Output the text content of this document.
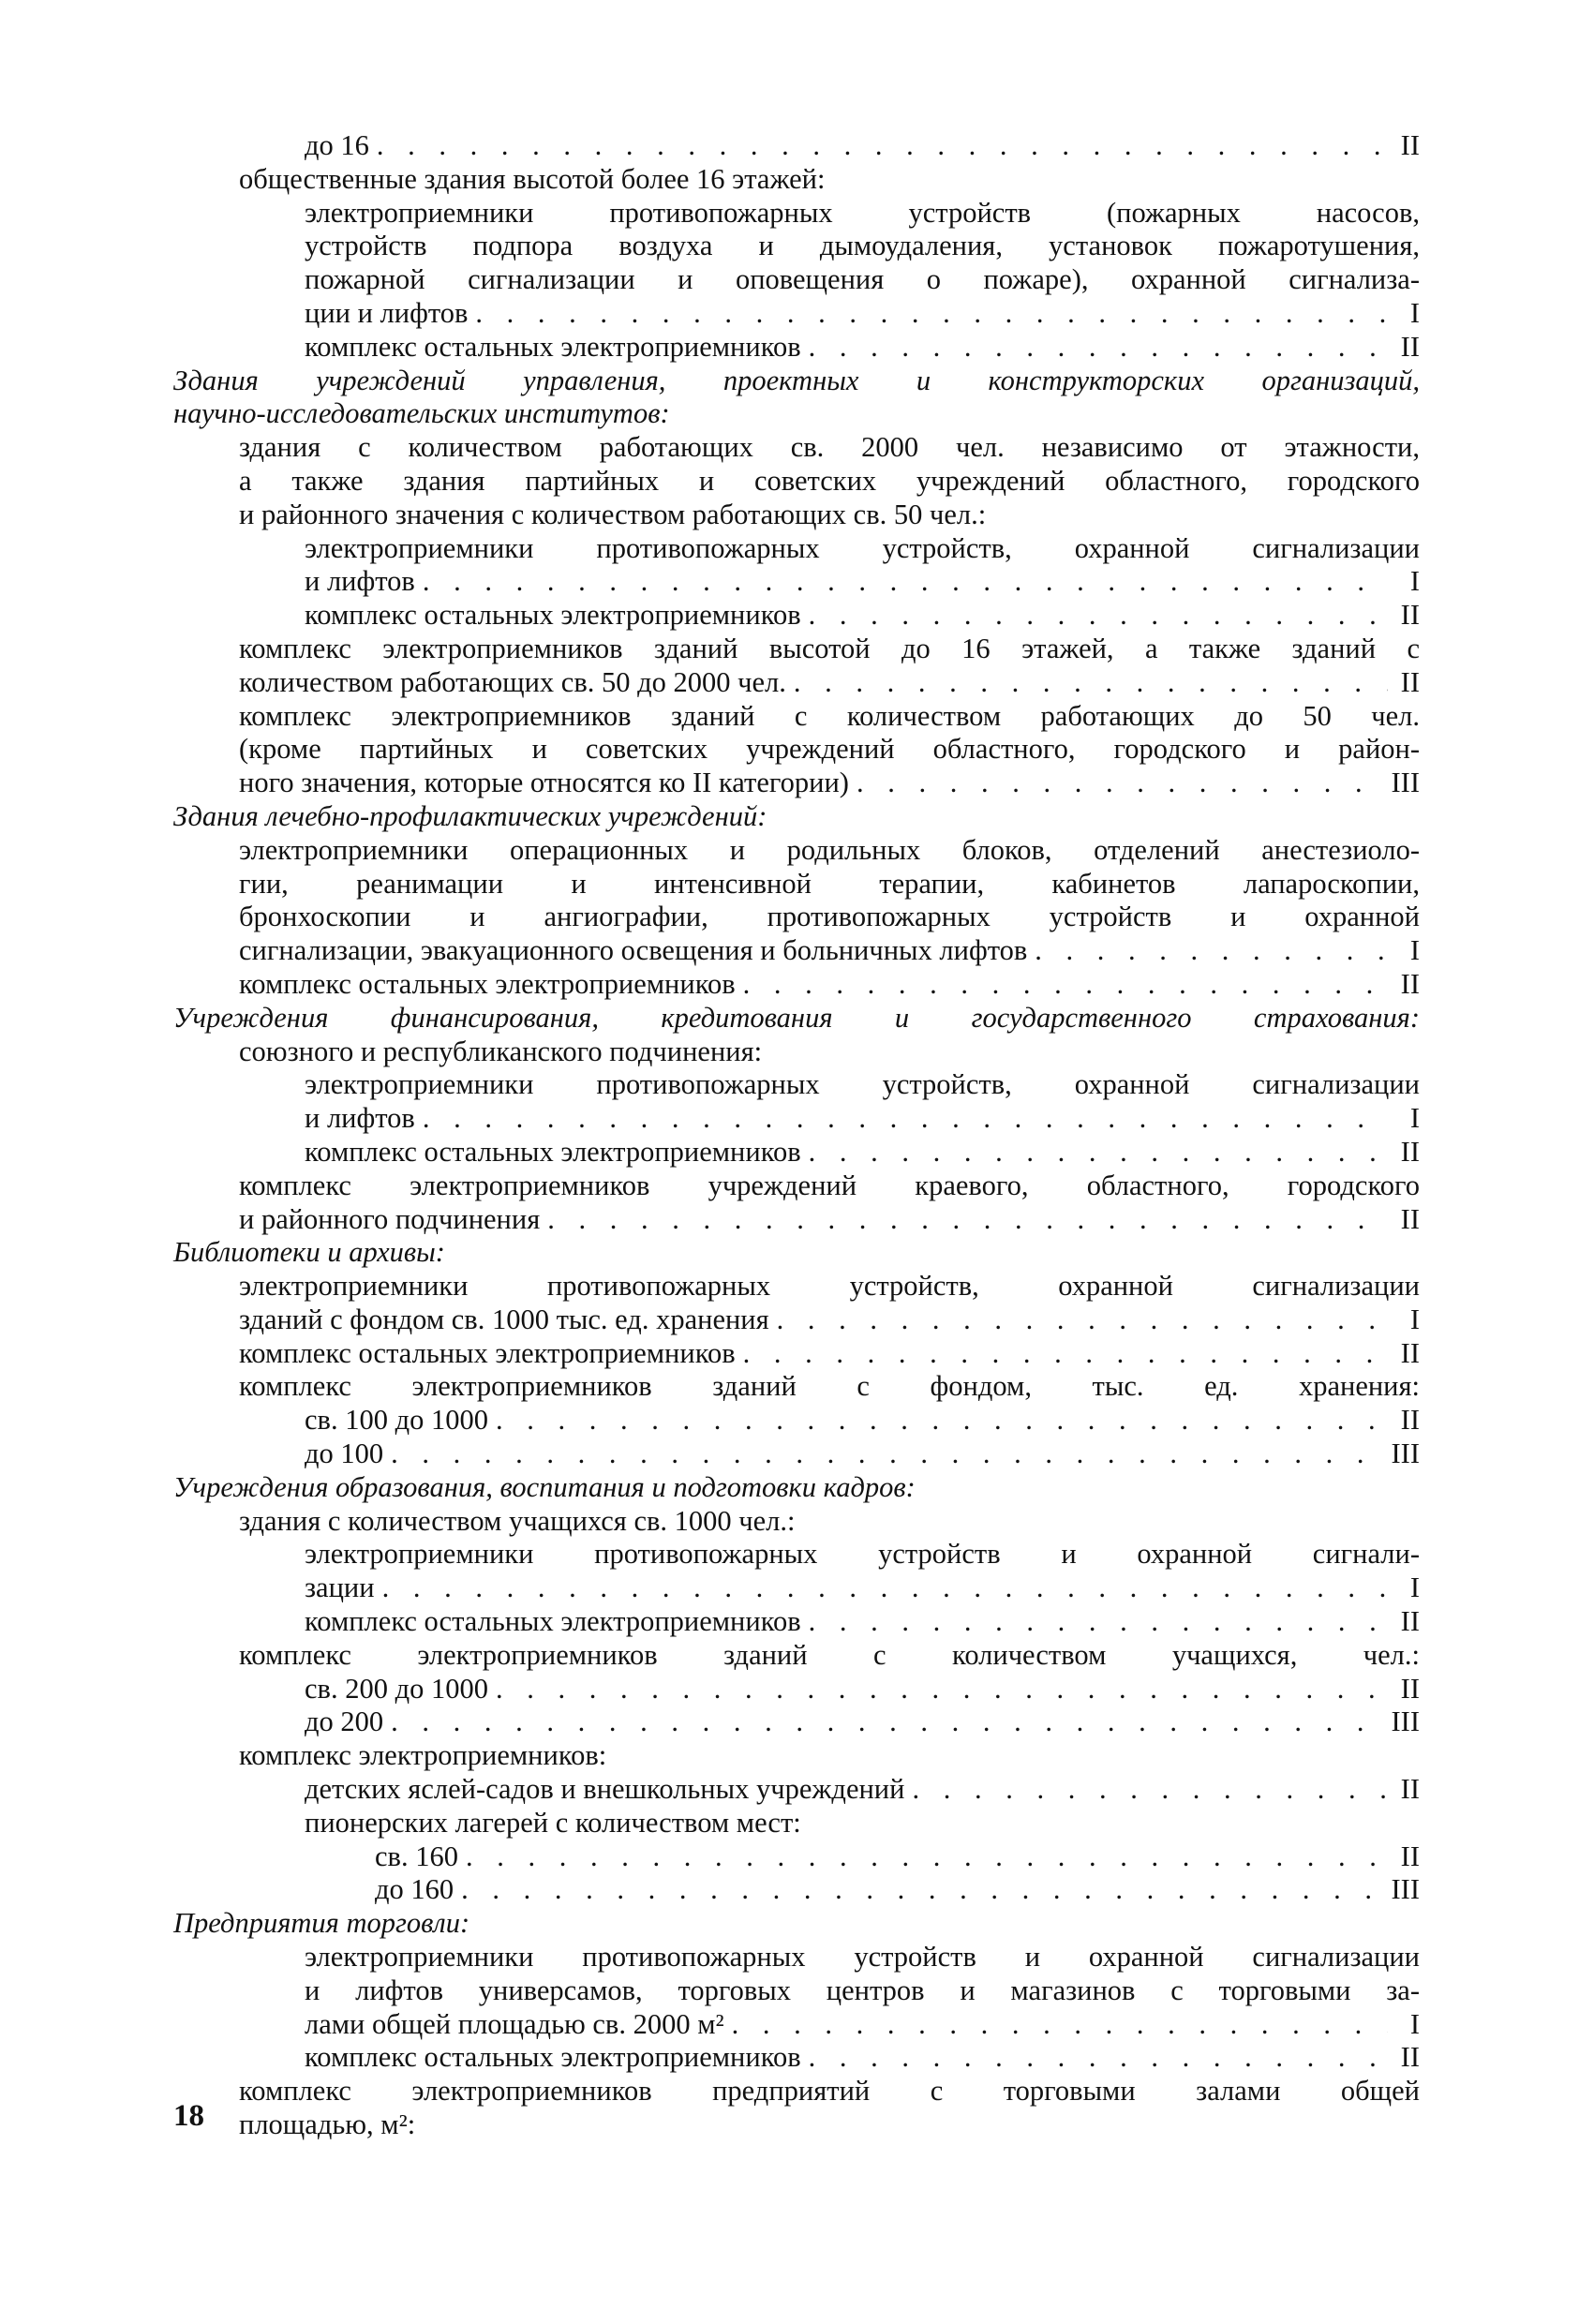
до 16 . . .	II
общественные здания высотой более 16 этажей:
электроприемники противопожарных устройств (пожарных насосов,
устройств подпора воздуха и дымоудаления, установок пожаротушения,
пожарной сигнализации и оповещения о пожаре), охранной сигнализа-
ции и лифтов . . .	I
комплекс остальных электроприемников . . .	II
Здания учреждений управления, проектных и конструкторских организаций,
научно-исследовательских институтов:
здания с количеством работающих св. 2000 чел. независимо от этажности,
а также здания партийных и советских учреждений областного, городского
и районного значения с количеством работающих св. 50 чел.:
электроприемники противопожарных устройств, охранной сигнализации
и лифтов . . .	I
комплекс остальных электроприемников . . .	II
комплекс электроприемников зданий высотой до 16 этажей, а также зданий с
количеством работающих св. 50 до 2000 чел. . . .	II
комплекс электроприемников зданий с количеством работающих до 50 чел.
(кроме партийных и советских учреждений областного, городского и район-
ного значения, которые относятся ко II категории) . . .	III
Здания лечебно-профилактических учреждений:
электроприемники операционных и родильных блоков, отделений анестезиоло-
гии, реанимации и интенсивной терапии, кабинетов лапароскопии,
бронхоскопии и ангиографии, противопожарных устройств и охранной
сигнализации, эвакуационного освещения и больничных лифтов . . .	I
комплекс остальных электроприемников . . .	II
Учреждения финансирования, кредитования и государственного страхования:
союзного и республиканского подчинения:
электроприемники противопожарных устройств, охранной сигнализации
и лифтов . . .	I
комплекс остальных электроприемников . . .	II
комплекс электроприемников учреждений краевого, областного, городского
и районного подчинения . . .	II
Библиотеки и архивы:
электроприемники противопожарных устройств, охранной сигнализации
зданий с фондом св. 1000 тыс. ед. хранения . . .	I
комплекс остальных электроприемников . . .	II
комплекс электроприемников зданий с фондом, тыс. ед. хранения:
св. 100 до 1000 . . .	II
до 100 . . .	III
Учреждения образования, воспитания и подготовки кадров:
здания с количеством учащихся св. 1000 чел.:
электроприемники противопожарных устройств и охранной сигнали-
зации . . .	I
комплекс остальных электроприемников . . .	II
комплекс электроприемников зданий с количеством учащихся, чел.:
св. 200 до 1000 . . .	II
до 200 . . .	III
комплекс электроприемников:
детских яслей-садов и внешкольных учреждений . . .	II
пионерских лагерей с количеством мест:
св. 160 . . .	II
до 160 . . .	III
Предприятия торговли:
электроприемники противопожарных устройств и охранной сигнализации
и лифтов универсамов, торговых центров и магазинов с торговыми за-
лами общей площадью св. 2000 м² . . .	I
комплекс остальных электроприемников . . .	II
комплекс электроприемников предприятий с торговыми залами общей
площадью, м²:
18
